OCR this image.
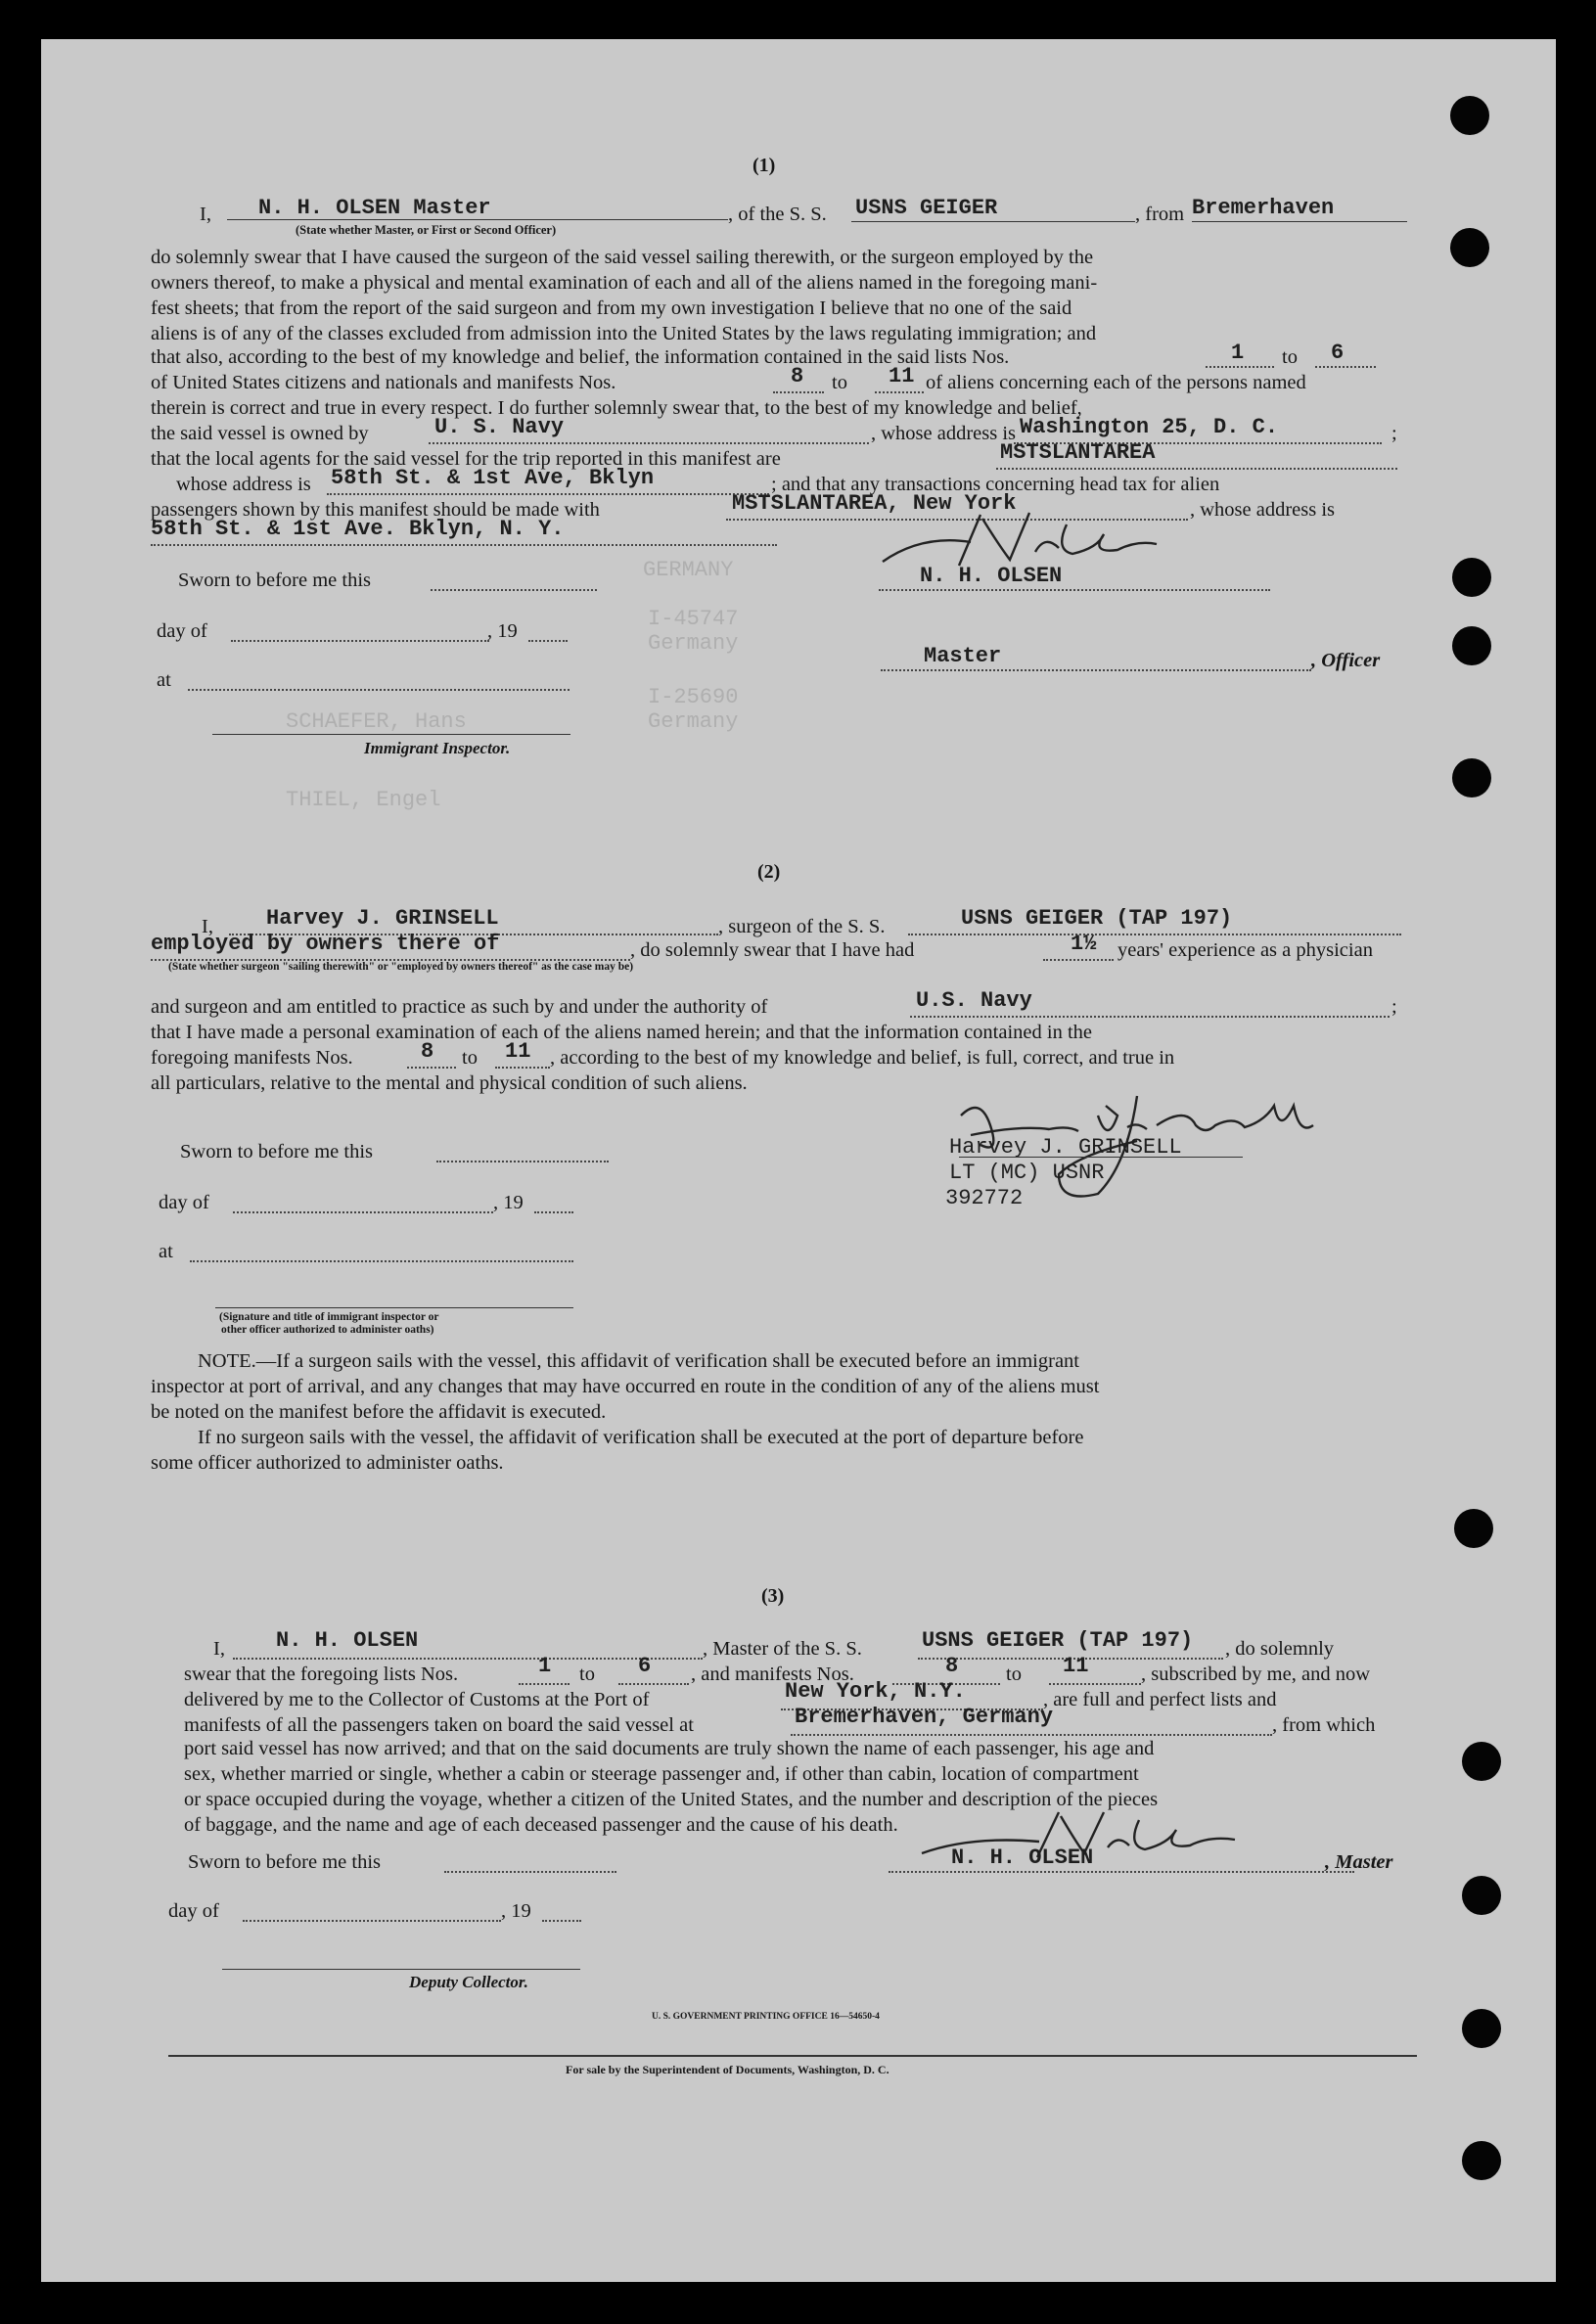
GERMANY
I-45747
Germany
I-25690
Germany
SCHAEFER, Hans
THIEL, Engel
(1)
I, N. H. OLSEN Master
(State whether Master, or First or Second Officer)
, of the S. S. USNS GEIGER	, from Bremerhaven

do solemnly swear that I have caused the surgeon of the said vessel sailing therewith, or the surgeon employed by the

owners thereof, to make a physical and mental examination of each and all of the aliens named in the foregoing mani-

fest sheets; that from the report of the said surgeon and from my own investigation I believe that no one of the said

aliens is of any of the classes excluded from admission into the United States by the laws regulating immigration; and

that also, according to the best of my knowledge and belief, the information contained in the said lists Nos.	1 to 6
of United States citizens and nationals and manifests Nos.	8 to 11 of aliens concerning each of the persons named
therein is correct and true in every respect. I do further solemnly swear that, to the best of my knowledge and belief,
the said vessel is owned by	U. S. Navy	, whose address is Washington 25, D. C.	;
that the local agents for the said vessel for the trip reported in this manifest are	MSTSLANTAREA
whose address is 58th St. & 1st Ave, Bklyn	; and that any transactions concerning head tax for alien
passengers shown by this manifest should be made with	MSTSLANTAREA, New York	, whose address is
58th St. & 1st Ave. Bklyn, N. Y.
Sworn to before me this	N. H. OLSEN
day of	, 19
Master	, Officer
at
Immigrant Inspector.
(2)
I, Harvey J. GRINSELL	, surgeon of the S. S.	USNS GEIGER (TAP 197)
employed by owners there of	, do solemnly swear that I have had	1½ years' experience as a physician
(State whether surgeon "sailing therewith" or "employed by owners thereof" as the case may be)
and surgeon and am entitled to practice as such by and under the authority of	U.S. Navy	;
that I have made a personal examination of each of the aliens named herein; and that the information contained in the
foregoing manifests Nos.	8 to 11 , according to the best of my knowledge and belief, is full, correct, and true in
all particulars, relative to the mental and physical condition of such aliens.
Sworn to before me this	Harvey J. GRINSELL
LT (MC) USNR
392772
day of	, 19
at
(Signature and title of immigrant inspector or
other officer authorized to administer oaths)

NOTE.—If a surgeon sails with the vessel, this affidavit of verification shall be executed before an immigrant

inspector at port of arrival, and any changes that may have occurred en route in the condition of any of the aliens must

be noted on the manifest before the affidavit is executed.

If no surgeon sails with the vessel, the affidavit of verification shall be executed at the port of departure before

some officer authorized to administer oaths.

(3)
I, N. H. OLSEN	, Master of the S. S.	USNS GEIGER (TAP 197) , do solemnly
swear that the foregoing lists Nos.	1 to 6 , and manifests Nos.	8 to 11	, subscribed by me, and now
delivered by me to the Collector of Customs at the Port of	New York, N.Y.	, are full and perfect lists and
manifests of all the passengers taken on board the said vessel at	Bremerhaven, Germany	, from which

port said vessel has now arrived; and that on the said documents are truly shown the name of each passenger, his age and

sex, whether married or single, whether a cabin or steerage passenger and, if other than cabin, location of compartment

or space occupied during the voyage, whether a citizen of the United States, and the number and description of the pieces

of baggage, and the name and age of each deceased passenger and the cause of his death.

Sworn to before me this	N. H. OLSEN	, Master
day of	, 19
Deputy Collector.
U. S. GOVERNMENT PRINTING OFFICE 16—54650-4
For sale by the Superintendent of Documents, Washington, D. C.
